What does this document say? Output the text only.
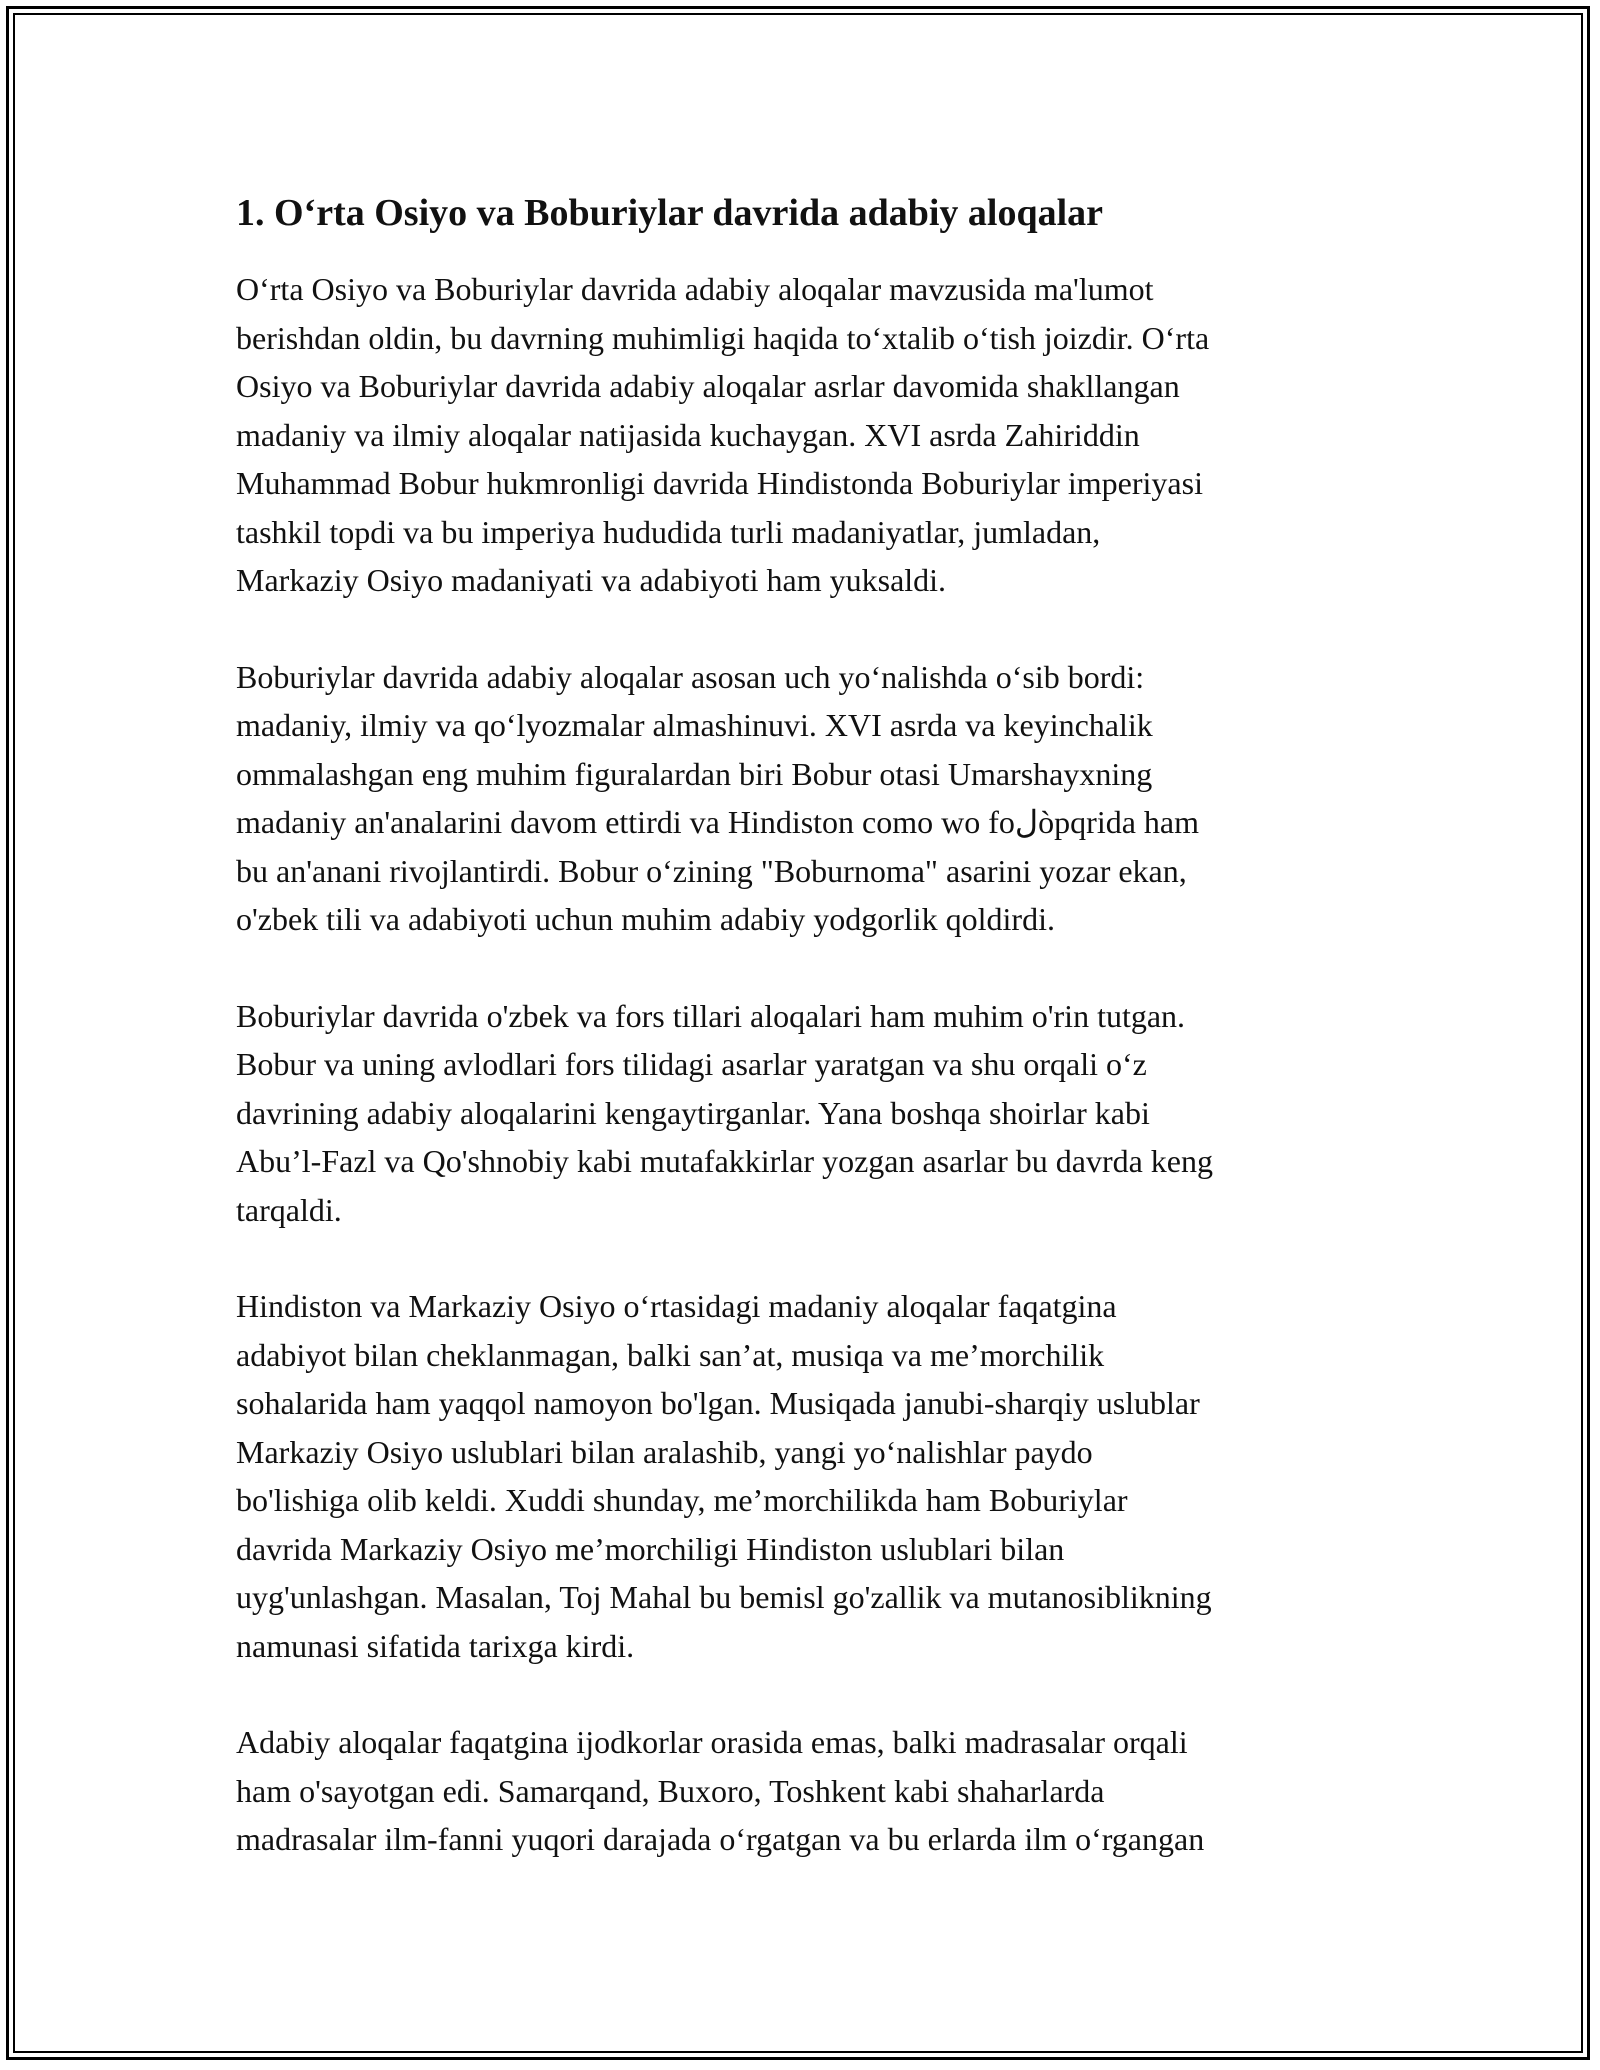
1. O‘rta Osiyo va Boburiylar davrida adabiy aloqalar
O‘rta Osiyo va Boburiylar davrida adabiy aloqalar mavzusida ma'lumot
berishdan oldin, bu davrning muhimligi haqida to‘xtalib o‘tish joizdir. O‘rta
Osiyo va Boburiylar davrida adabiy aloqalar asrlar davomida shakllangan
madaniy va ilmiy aloqalar natijasida kuchaygan. XVI asrda Zahiriddin
Muhammad Bobur hukmronligi davrida Hindistonda Boburiylar imperiyasi
tashkil topdi va bu imperiya hududida turli madaniyatlar, jumladan,
Markaziy Osiyo madaniyati va adabiyoti ham yuksaldi.
Boburiylar davrida adabiy aloqalar asosan uch yo‘nalishda o‘sib bordi:
madaniy, ilmiy va qo‘lyozmalar almashinuvi. XVI asrda va keyinchalik
ommalashgan eng muhim figuralardan biri Bobur otasi Umarshayxning
madaniy an'analarini davom ettirdi va Hindiston como wo foلòpqrida ham
bu an'anani rivojlantirdi. Bobur o‘zining "Boburnoma" asarini yozar ekan,
o'zbek tili va adabiyoti uchun muhim adabiy yodgorlik qoldirdi.
Boburiylar davrida o'zbek va fors tillari aloqalari ham muhim o'rin tutgan.
Bobur va uning avlodlari fors tilidagi asarlar yaratgan va shu orqali o‘z
davrining adabiy aloqalarini kengaytirganlar. Yana boshqa shoirlar kabi
Abu’l-Fazl va Qo'shnobiy kabi mutafakkirlar yozgan asarlar bu davrda keng
tarqaldi.
Hindiston va Markaziy Osiyo o‘rtasidagi madaniy aloqalar faqatgina
adabiyot bilan cheklanmagan, balki san’at, musiqa va me’morchilik
sohalarida ham yaqqol namoyon bo'lgan. Musiqada janubi-sharqiy uslublar
Markaziy Osiyo uslublari bilan aralashib, yangi yo‘nalishlar paydo
bo'lishiga olib keldi. Xuddi shunday, me’morchilikda ham Boburiylar
davrida Markaziy Osiyo me’morchiligi Hindiston uslublari bilan
uyg'unlashgan. Masalan, Toj Mahal bu bemisl go'zallik va mutanosiblikning
namunasi sifatida tarixga kirdi.
Adabiy aloqalar faqatgina ijodkorlar orasida emas, balki madrasalar orqali
ham o'sayotgan edi. Samarqand, Buxoro, Toshkent kabi shaharlarda
madrasalar ilm-fanni yuqori darajada o‘rgatgan va bu erlarda ilm o‘rgangan
